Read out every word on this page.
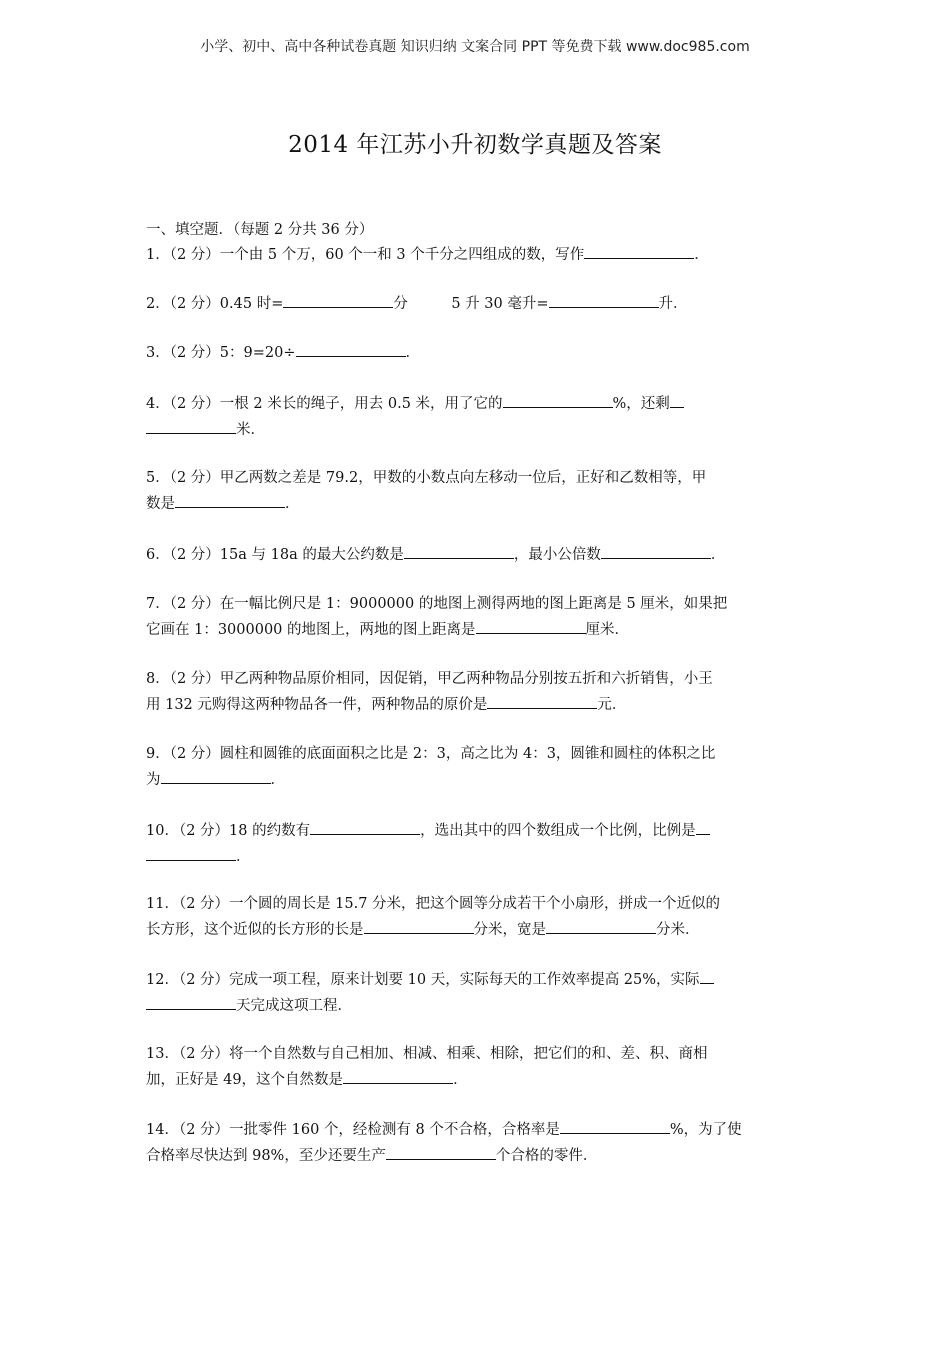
小学、初中、高中各种试卷真题 知识归纳 文案合同 PPT 等免费下载 www.doc985.com
2014 年江苏小升初数学真题及答案
一、填空题．（每题 2 分共 36 分）
1．（2 分）一个由 5 个万，60 个一和 3 个千分之四组成的数，写作	．
2．（2 分）0.45 时=	分　　　5 升 30 毫升=	升．
3．（2 分）5：9=20÷	．
4．（2 分）一根 2 米长的绳子，用去 0.5 米，用了它的	%，还剩
米．
5．（2 分）甲乙两数之差是 79.2，甲数的小数点向左移动一位后，正好和乙数相等，甲
数是	．
6．（2 分）15a 与 18a 的最大公约数是	，最小公倍数	．
7．（2 分）在一幅比例尺是 1：9000000 的地图上测得两地的图上距离是 5 厘米，如果把
它画在 1：3000000 的地图上，两地的图上距离是	厘米．
8．（2 分）甲乙两种物品原价相同，因促销，甲乙两种物品分别按五折和六折销售，小王
用 132 元购得这两种物品各一件，两种物品的原价是	元．
9．（2 分）圆柱和圆锥的底面面积之比是 2：3，高之比为 4：3，圆锥和圆柱的体积之比
为	．
10．（2 分）18 的约数有	，选出其中的四个数组成一个比例，比例是
．
11．（2 分）一个圆的周长是 15.7 分米，把这个圆等分成若干个小扇形，拼成一个近似的
长方形，这个近似的长方形的长是	分米，宽是	分米．
12．（2 分）完成一项工程，原来计划要 10 天，实际每天的工作效率提高 25%，实际
天完成这项工程．
13．（2 分）将一个自然数与自己相加、相减、相乘、相除，把它们的和、差、积、商相
加，正好是 49，这个自然数是	．
14．（2 分）一批零件 160 个，经检测有 8 个不合格，合格率是	%，为了使
合格率尽快达到 98%，至少还要生产	个合格的零件．
